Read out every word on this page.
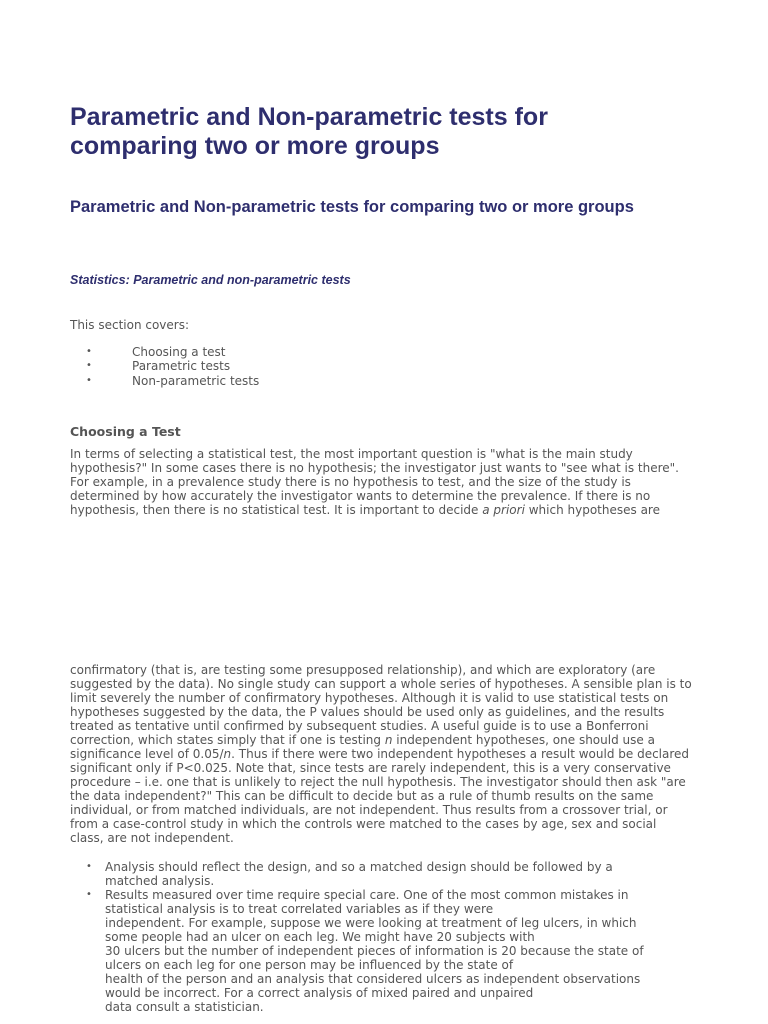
Parametric and Non-parametric tests for comparing two or more groups
Parametric and Non-parametric tests for comparing two or more groups

Statistics: Parametric and non-parametric tests

This section covers:

•	Choosing a test
•	Parametric tests
•	Non-parametric tests
Choosing a Test

In terms of selecting a statistical test, the most important question is "what is the main study
hypothesis?" In some cases there is no hypothesis; the investigator just wants to "see what is there".
For example, in a prevalence study there is no hypothesis to test, and the size of the study is
determined by how accurately the investigator wants to determine the prevalence. If there is no
hypothesis, then there is no statistical test. It is important to decide a priori which hypotheses are

confirmatory (that is, are testing some presupposed relationship), and which are exploratory (are
suggested by the data). No single study can support a whole series of hypotheses. A sensible plan is to
limit severely the number of confirmatory hypotheses. Although it is valid to use statistical tests on
hypotheses suggested by the data, the P values should be used only as guidelines, and the results
treated as tentative until confirmed by subsequent studies. A useful guide is to use a Bonferroni
correction, which states simply that if one is testing n independent hypotheses, one should use a
significance level of 0.05/n. Thus if there were two independent hypotheses a result would be declared
significant only if P<0.025. Note that, since tests are rarely independent, this is a very conservative
procedure – i.e. one that is unlikely to reject the null hypothesis. The investigator should then ask "are
the data independent?" This can be difficult to decide but as a rule of thumb results on the same
individual, or from matched individuals, are not independent. Thus results from a crossover trial, or
from a case-control study in which the controls were matched to the cases by age, sex and social
class, are not independent.

• Analysis should reflect the design, and so a matched design should be followed by a
matched analysis.
• Results measured over time require special care. One of the most common mistakes in
statistical analysis is to treat correlated variables as if they were
independent. For example, suppose we were looking at treatment of leg ulcers, in which
some people had an ulcer on each leg. We might have 20 subjects with
30 ulcers but the number of independent pieces of information is 20 because the state of
ulcers on each leg for one person may be influenced by the state of
health of the person and an analysis that considered ulcers as independent observations
would be incorrect. For a correct analysis of mixed paired and unpaired
data consult a statistician.
